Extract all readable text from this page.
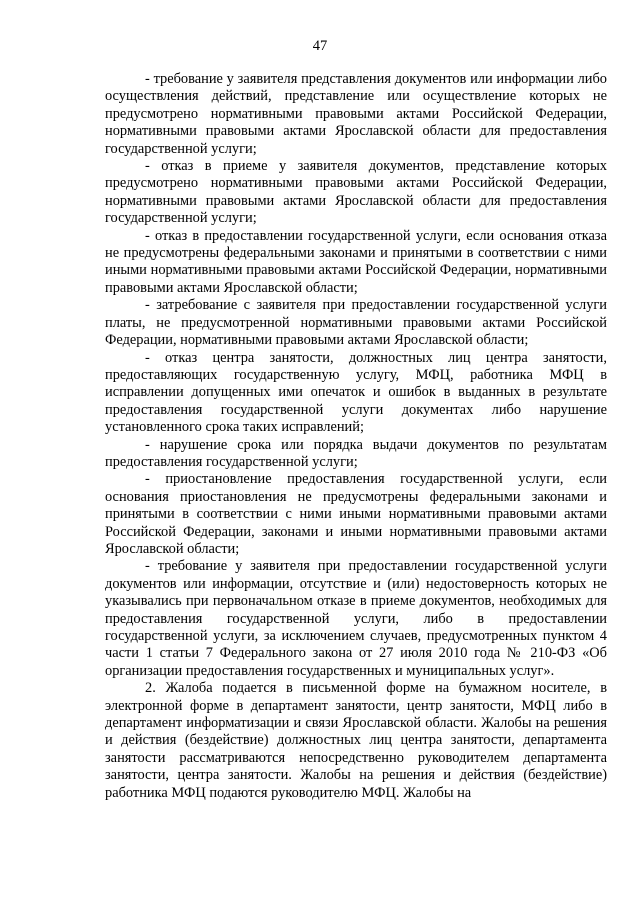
47

- требование у заявителя представления документов или информации либо осуществления действий, представление или осуществление которых не предусмотрено нормативными правовыми актами Российской Федерации, нормативными правовыми актами Ярославской области для предоставления государственной услуги;

- отказ в приеме у заявителя документов, представление которых предусмотрено нормативными правовыми актами Российской Федерации, нормативными правовыми актами Ярославской области для предоставления государственной услуги;

- отказ в предоставлении государственной услуги, если основания отказа не предусмотрены федеральными законами и принятыми в соответствии с ними иными нормативными правовыми актами Российской Федерации, нормативными правовыми актами Ярославской области;

- затребование с заявителя при предоставлении государственной услуги платы, не предусмотренной нормативными правовыми актами Российской Федерации, нормативными правовыми актами Ярославской области;

- отказ центра занятости, должностных лиц центра занятости, предоставляющих государственную услугу, МФЦ, работника МФЦ в исправлении допущенных ими опечаток и ошибок в выданных в результате предоставления государственной услуги документах либо нарушение установленного срока таких исправлений;

- нарушение срока или порядка выдачи документов по результатам предоставления государственной услуги;

- приостановление предоставления государственной услуги, если основания приостановления не предусмотрены федеральными законами и принятыми в соответствии с ними иными нормативными правовыми актами Российской Федерации, законами и иными нормативными правовыми актами Ярославской области;

- требование у заявителя при предоставлении государственной услуги документов или информации, отсутствие и (или) недостоверность которых не указывались при первоначальном отказе в приеме документов, необходимых для предоставления государственной услуги, либо в предоставлении государственной услуги, за исключением случаев, предусмотренных пунктом 4 части 1 статьи 7 Федерального закона от 27 июля 2010 года № 210-ФЗ «Об организации предоставления государственных и муниципальных услуг».

2. Жалоба подается в письменной форме на бумажном носителе, в электронной форме в департамент занятости, центр занятости, МФЦ либо в департамент информатизации и связи Ярославской области. Жалобы на решения и действия (бездействие) должностных лиц центра занятости, департамента занятости рассматриваются непосредственно руководителем департамента занятости, центра занятости. Жалобы на решения и действия (бездействие) работника МФЦ подаются руководителю МФЦ. Жалобы на
